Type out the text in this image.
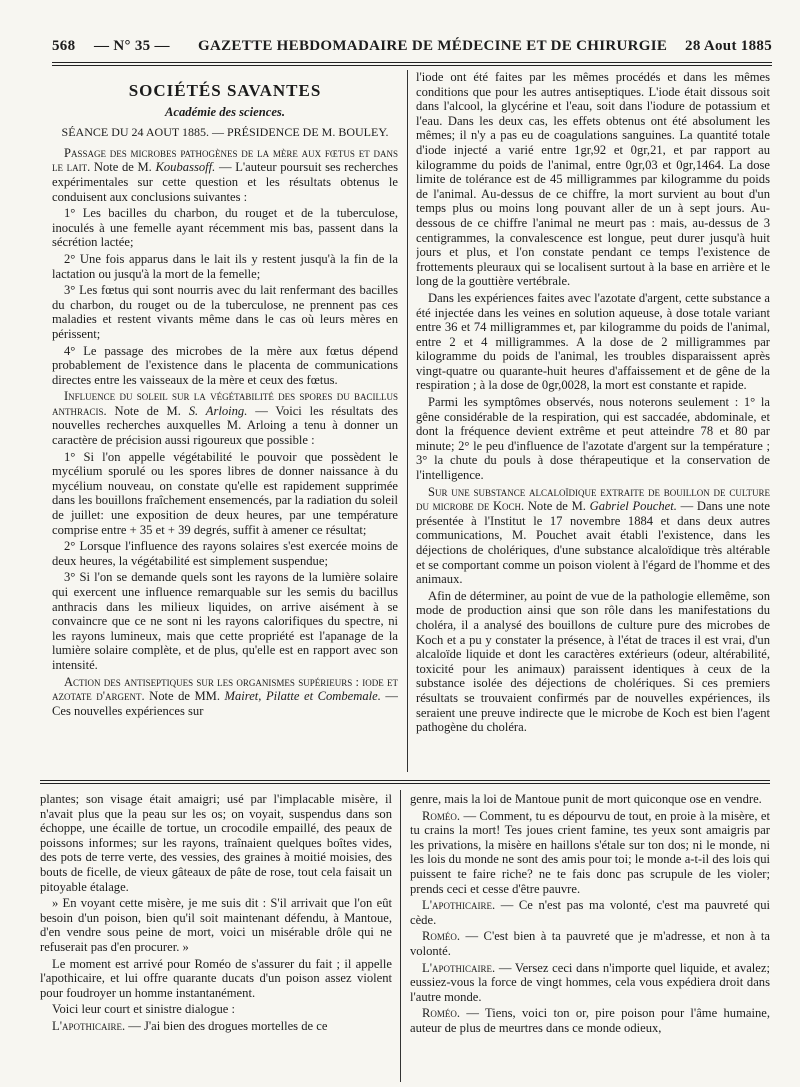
568 — N° 35 — GAZETTE HEBDOMADAIRE DE MÉDECINE ET DE CHIRURGIE 28 Aout 1885

SOCIÉTÉS SAVANTES

Académie des sciences.

SÉANCE DU 24 AOUT 1885. — PRÉSIDENCE DE M. BOULEY.

Passage des microbes pathogènes de la mère aux fœtus et dans le lait. Note de M. Koubassoff. — L'auteur poursuit ses recherches expérimentales sur cette question et les résultats obtenus le conduisent aux conclusions suivantes :

1° Les bacilles du charbon, du rouget et de la tuberculose, inoculés à une femelle ayant récemment mis bas, passent dans la sécrétion lactée;

2° Une fois apparus dans le lait ils y restent jusqu'à la fin de la lactation ou jusqu'à la mort de la femelle;

3° Les fœtus qui sont nourris avec du lait renfermant des bacilles du charbon, du rouget ou de la tuberculose, ne prennent pas ces maladies et restent vivants même dans le cas où leurs mères en périssent;

4° Le passage des microbes de la mère aux fœtus dépend probablement de l'existence dans le placenta de communications directes entre les vaisseaux de la mère et ceux des fœtus.

Influence du soleil sur la végétabilité des spores du bacillus anthracis. Note de M. S. Arloing. — Voici les résultats des nouvelles recherches auxquelles M. Arloing a tenu à donner un caractère de précision aussi rigoureux que possible :

1° Si l'on appelle végétabilité le pouvoir que possèdent le mycélium sporulé ou les spores libres de donner naissance à du mycélium nouveau, on constate qu'elle est rapidement supprimée dans les bouillons fraîchement ensemencés, par la radiation du soleil de juillet: une exposition de deux heures, par une température comprise entre + 35 et + 39 degrés, suffit à amener ce résultat;

2° Lorsque l'influence des rayons solaires s'est exercée moins de deux heures, la végétabilité est simplement suspendue;

3° Si l'on se demande quels sont les rayons de la lumière solaire qui exercent une influence remarquable sur les semis du bacillus anthracis dans les milieux liquides, on arrive aisément à se convaincre que ce ne sont ni les rayons calorifiques du spectre, ni les rayons lumineux, mais que cette propriété est l'apanage de la lumière solaire complète, et de plus, qu'elle est en rapport avec son intensité.

Action des antiseptiques sur les organismes supérieurs : iode et azotate d'argent. Note de MM. Mairet, Pilatte et Combemale. — Ces nouvelles expériences sur

l'iode ont été faites par les mêmes procédés et dans les mêmes conditions que pour les autres antiseptiques. L'iode était dissous soit dans l'alcool, la glycérine et l'eau, soit dans l'iodure de potassium et l'eau. Dans les deux cas, les effets obtenus ont été absolument les mêmes; il n'y a pas eu de coagulations sanguines. La quantité totale d'iode injecté a varié entre 1gr,92 et 0gr,21, et par rapport au kilogramme du poids de l'animal, entre 0gr,03 et 0gr,1464. La dose limite de tolérance est de 45 milligrammes par kilogramme du poids de l'animal. Au-dessus de ce chiffre, la mort survient au bout d'un temps plus ou moins long pouvant aller de un à sept jours. Au-dessous de ce chiffre l'animal ne meurt pas : mais, au-dessus de 3 centigrammes, la convalescence est longue, peut durer jusqu'à huit jours et plus, et l'on constate pendant ce temps l'existence de frottements pleuraux qui se localisent surtout à la base en arrière et le long de la gouttière vertébrale.

Dans les expériences faites avec l'azotate d'argent, cette substance a été injectée dans les veines en solution aqueuse, à dose totale variant entre 36 et 74 milligrammes et, par kilogramme du poids de l'animal, entre 2 et 4 milligrammes. A la dose de 2 milligrammes par kilogramme du poids de l'animal, les troubles disparaissent après vingt-quatre ou quarante-huit heures d'affaissement et de gêne de la respiration ; à la dose de 0gr,0028, la mort est constante et rapide.

Parmi les symptômes observés, nous noterons seulement : 1° la gêne considérable de la respiration, qui est saccadée, abdominale, et dont la fréquence devient extrême et peut atteindre 78 et 80 par minute; 2° le peu d'influence de l'azotate d'argent sur la température ; 3° la chute du pouls à dose thérapeutique et la conservation de l'intelligence.

Sur une substance alcaloïdique extraite de bouillon de culture du microbe de Koch. Note de M. Gabriel Pouchet. — Dans une note présentée à l'Institut le 17 novembre 1884 et dans deux autres communications, M. Pouchet avait établi l'existence, dans les déjections de cholériques, d'une substance alcaloïdique très altérable et se comportant comme un poison violent à l'égard de l'homme et des animaux.

Afin de déterminer, au point de vue de la pathologie ellemême, son mode de production ainsi que son rôle dans les manifestations du choléra, il a analysé des bouillons de culture pure des microbes de Koch et a pu y constater la présence, à l'état de traces il est vrai, d'un alcaloïde liquide et dont les caractères extérieurs (odeur, altérabilité, toxicité pour les animaux) paraissent identiques à ceux de la substance isolée des déjections de cholériques. Si ces premiers résultats se trouvaient confirmés par de nouvelles expériences, ils seraient une preuve indirecte que le microbe de Koch est bien l'agent pathogène du choléra.

plantes; son visage était amaigri; usé par l'implacable misère, il n'avait plus que la peau sur les os; on voyait, suspendus dans son échoppe, une écaille de tortue, un crocodile empaillé, des peaux de poissons informes; sur les rayons, traînaient quelques boîtes vides, des pots de terre verte, des vessies, des graines à moitié moisies, des bouts de ficelle, de vieux gâteaux de pâte de rose, tout cela faisait un pitoyable étalage.

» En voyant cette misère, je me suis dit : S'il arrivait que l'on eût besoin d'un poison, bien qu'il soit maintenant défendu, à Mantoue, d'en vendre sous peine de mort, voici un misérable drôle qui ne refuserait pas d'en procurer. »

Le moment est arrivé pour Roméo de s'assurer du fait ; il appelle l'apothicaire, et lui offre quarante ducats d'un poison assez violent pour foudroyer un homme instantanément.

Voici leur court et sinistre dialogue :

L'apothicaire. — J'ai bien des drogues mortelles de ce

genre, mais la loi de Mantoue punit de mort quiconque ose en vendre.

Roméo. — Comment, tu es dépourvu de tout, en proie à la misère, et tu crains la mort! Tes joues crient famine, tes yeux sont amaigris par les privations, la misère en haillons s'étale sur ton dos; ni le monde, ni les lois du monde ne sont des amis pour toi; le monde a-t-il des lois qui puissent te faire riche? ne te fais donc pas scrupule de les violer; prends ceci et cesse d'être pauvre.

L'apothicaire. — Ce n'est pas ma volonté, c'est ma pauvreté qui cède.

Roméo. — C'est bien à ta pauvreté que je m'adresse, et non à ta volonté.

L'apothicaire. — Versez ceci dans n'importe quel liquide, et avalez; eussiez-vous la force de vingt hommes, cela vous expédiera droit dans l'autre monde.

Roméo. — Tiens, voici ton or, pire poison pour l'âme humaine, auteur de plus de meurtres dans ce monde odieux,
